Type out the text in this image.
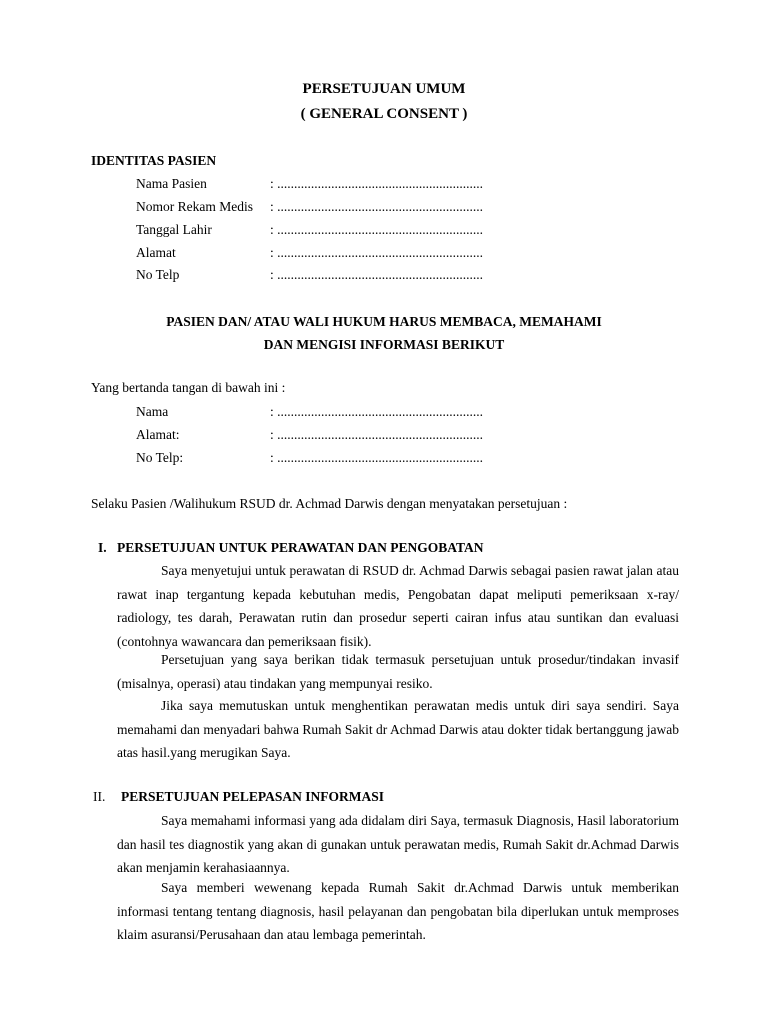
PERSETUJUAN UMUM
( GENERAL CONSENT )
IDENTITAS PASIEN
Nama Pasien	: .............................................................
Nomor Rekam Medis : .............................................................
Tanggal Lahir	: .............................................................
Alamat	: .............................................................
No Telp	: .............................................................
PASIEN DAN/ ATAU WALI HUKUM HARUS MEMBACA, MEMAHAMI
DAN MENGISI INFORMASI BERIKUT
Yang bertanda tangan di bawah ini :
Nama	: .............................................................
Alamat:	: .............................................................
No Telp:	: .............................................................
Selaku Pasien /Walihukum RSUD dr. Achmad Darwis dengan menyatakan persetujuan :
I. PERSETUJUAN UNTUK PERAWATAN DAN PENGOBATAN
Saya menyetujui untuk perawatan di RSUD dr. Achmad Darwis sebagai pasien rawat jalan atau rawat inap tergantung kepada kebutuhan medis, Pengobatan dapat meliputi pemeriksaan x-ray/ radiology, tes darah, Perawatan rutin dan prosedur seperti cairan infus atau suntikan dan evaluasi (contohnya wawancara dan pemeriksaan fisik).
Persetujuan yang saya berikan tidak termasuk persetujuan untuk prosedur/tindakan invasif (misalnya, operasi) atau tindakan yang mempunyai resiko.
Jika saya memutuskan untuk menghentikan perawatan medis untuk diri saya sendiri. Saya memahami dan menyadari bahwa Rumah Sakit dr Achmad Darwis atau dokter tidak bertanggung jawab atas hasil.yang merugikan Saya.
II. PERSETUJUAN PELEPASAN INFORMASI
Saya memahami informasi yang ada didalam diri Saya, termasuk Diagnosis, Hasil laboratorium dan hasil tes diagnostik yang akan di gunakan untuk perawatan medis, Rumah Sakit dr.Achmad Darwis akan menjamin kerahasiaannya.
Saya memberi wewenang kepada Rumah Sakit dr.Achmad Darwis untuk memberikan informasi tentang tentang diagnosis, hasil pelayanan dan pengobatan bila diperlukan untuk memproses klaim asuransi/Perusahaan dan atau lembaga pemerintah.
